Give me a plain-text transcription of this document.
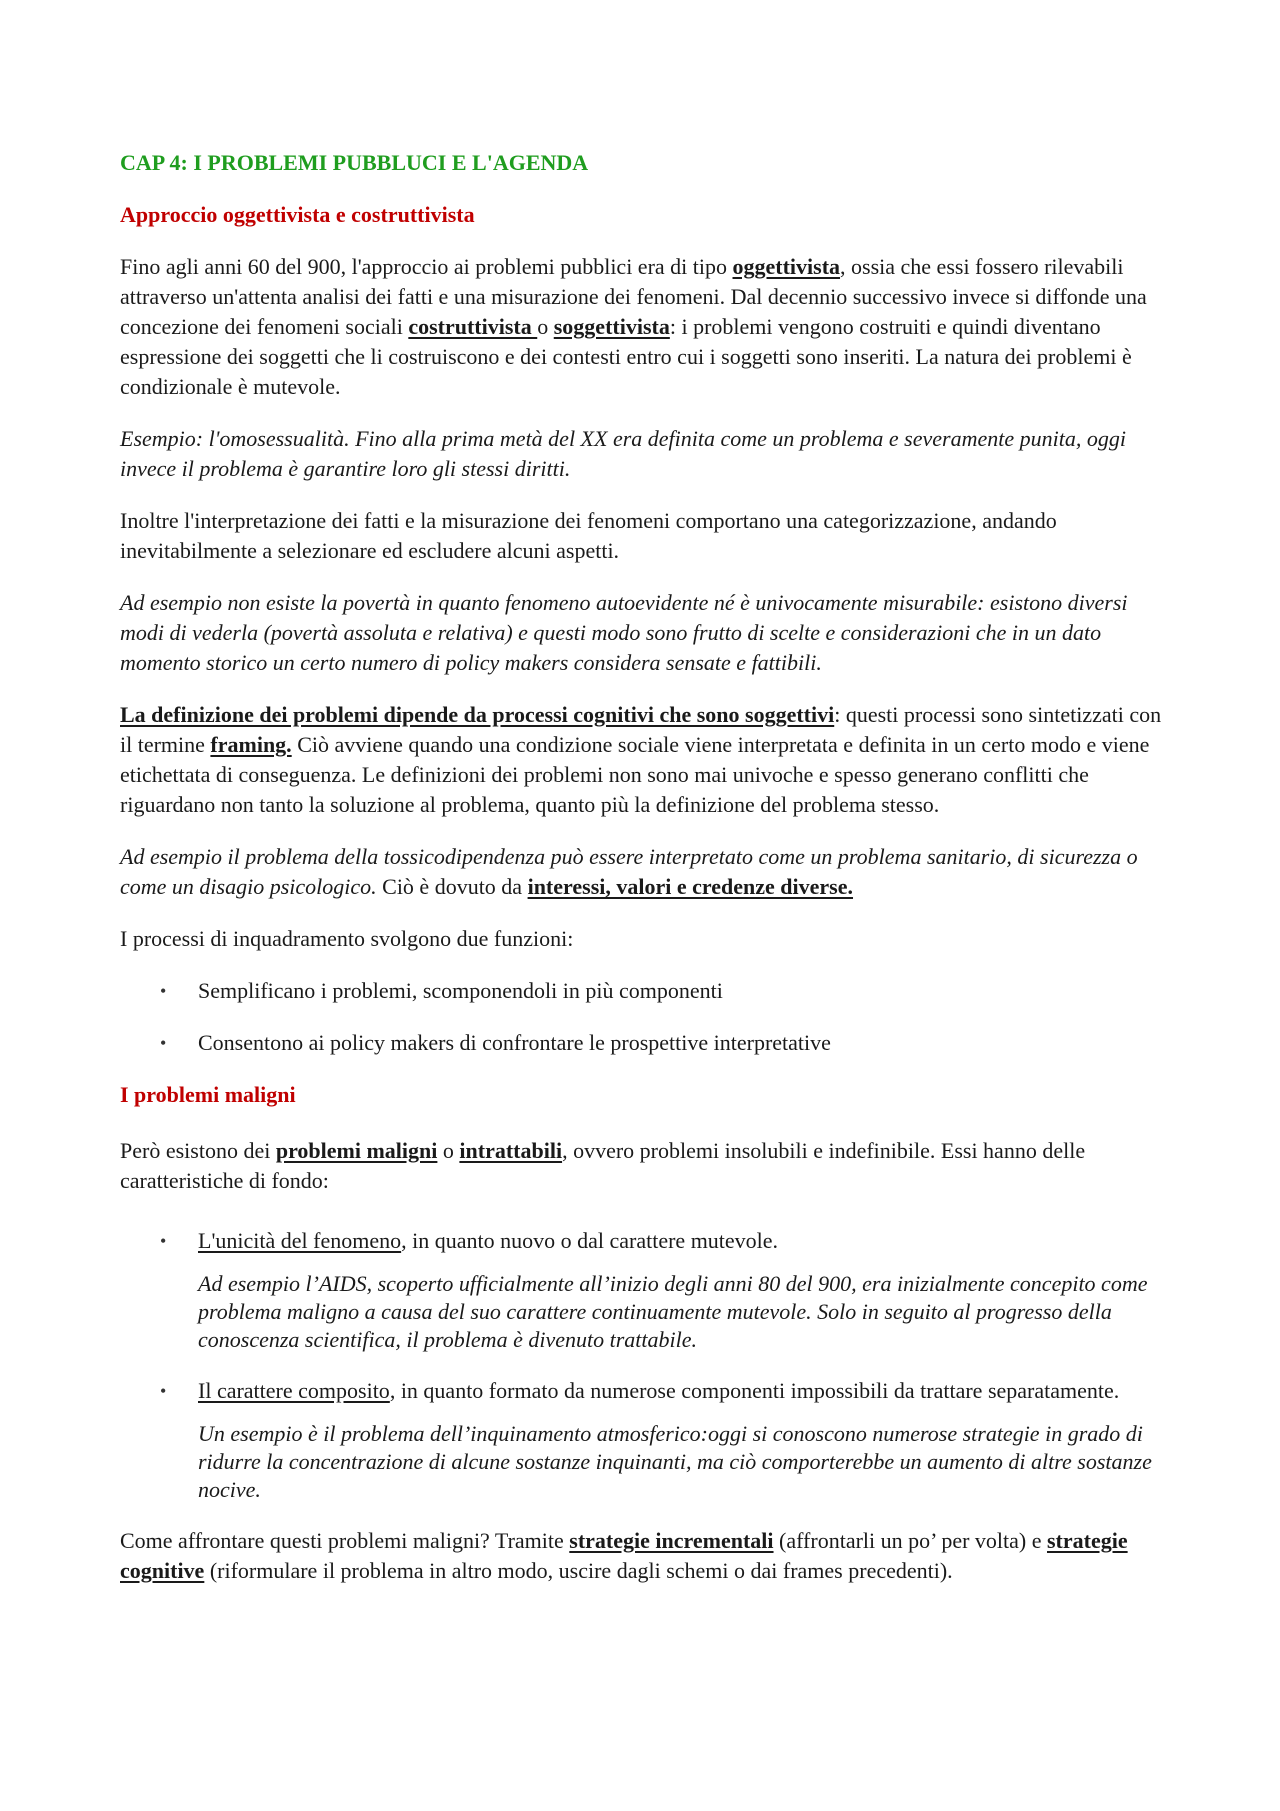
CAP 4: I PROBLEMI PUBBLUCI E L'AGENDA
Approccio oggettivista e costruttivista

Fino agli anni 60 del 900, l'approccio ai problemi pubblici era di tipo oggettivista, ossia che essi fossero rilevabili attraverso un'attenta analisi dei fatti e una misurazione dei fenomeni. Dal decennio successivo invece si diffonde una concezione dei fenomeni sociali costruttivista o soggettivista: i problemi vengono costruiti e quindi diventano espressione dei soggetti che li costruiscono e dei contesti entro cui i soggetti sono inseriti. La natura dei problemi è condizionale è mutevole.

Esempio: l'omosessualità. Fino alla prima metà del XX era definita come un problema e severamente punita, oggi invece il problema è garantire loro gli stessi diritti.

Inoltre l'interpretazione dei fatti e la misurazione dei fenomeni comportano una categorizzazione, andando inevitabilmente a selezionare ed escludere alcuni aspetti.

Ad esempio non esiste la povertà in quanto fenomeno autoevidente né è univocamente misurabile: esistono diversi modi di vederla (povertà assoluta e relativa) e questi modo sono frutto di scelte e considerazioni che in un dato momento storico un certo numero di policy makers considera sensate e fattibili.

La definizione dei problemi dipende da processi cognitivi che sono soggettivi: questi processi sono sintetizzati con il termine framing. Ciò avviene quando una condizione sociale viene interpretata e definita in un certo modo e viene etichettata di conseguenza. Le definizioni dei problemi non sono mai univoche e spesso generano conflitti che riguardano non tanto la soluzione al problema, quanto più la definizione del problema stesso.

Ad esempio il problema della tossicodipendenza può essere interpretato come un problema sanitario, di sicurezza o come un disagio psicologico. Ciò è dovuto da interessi, valori e credenze diverse.

I processi di inquadramento svolgono due funzioni:

• Semplificano i problemi, scomponendoli in più componenti
• Consentono ai policy makers di confrontare le prospettive interpretative
I problemi maligni

Però esistono dei problemi maligni o intrattabili, ovvero problemi insolubili e indefinibile. Essi hanno delle caratteristiche di fondo:

• L'unicità del fenomeno, in quanto nuovo o dal carattere mutevole.
Ad esempio l’AIDS, scoperto ufficialmente all’inizio degli anni 80 del 900, era inizialmente concepito come problema maligno a causa del suo carattere continuamente mutevole. Solo in seguito al progresso della conoscenza scientifica, il problema è divenuto trattabile.
• Il carattere composito, in quanto formato da numerose componenti impossibili da trattare separatamente.
Un esempio è il problema dell’inquinamento atmosferico:oggi si conoscono numerose strategie in grado di ridurre la concentrazione di alcune sostanze inquinanti, ma ciò comporterebbe un aumento di altre sostanze nocive.

Come affrontare questi problemi maligni? Tramite strategie incrementali (affrontarli un po’ per volta) e strategie cognitive (riformulare il problema in altro modo, uscire dagli schemi o dai frames precedenti).
